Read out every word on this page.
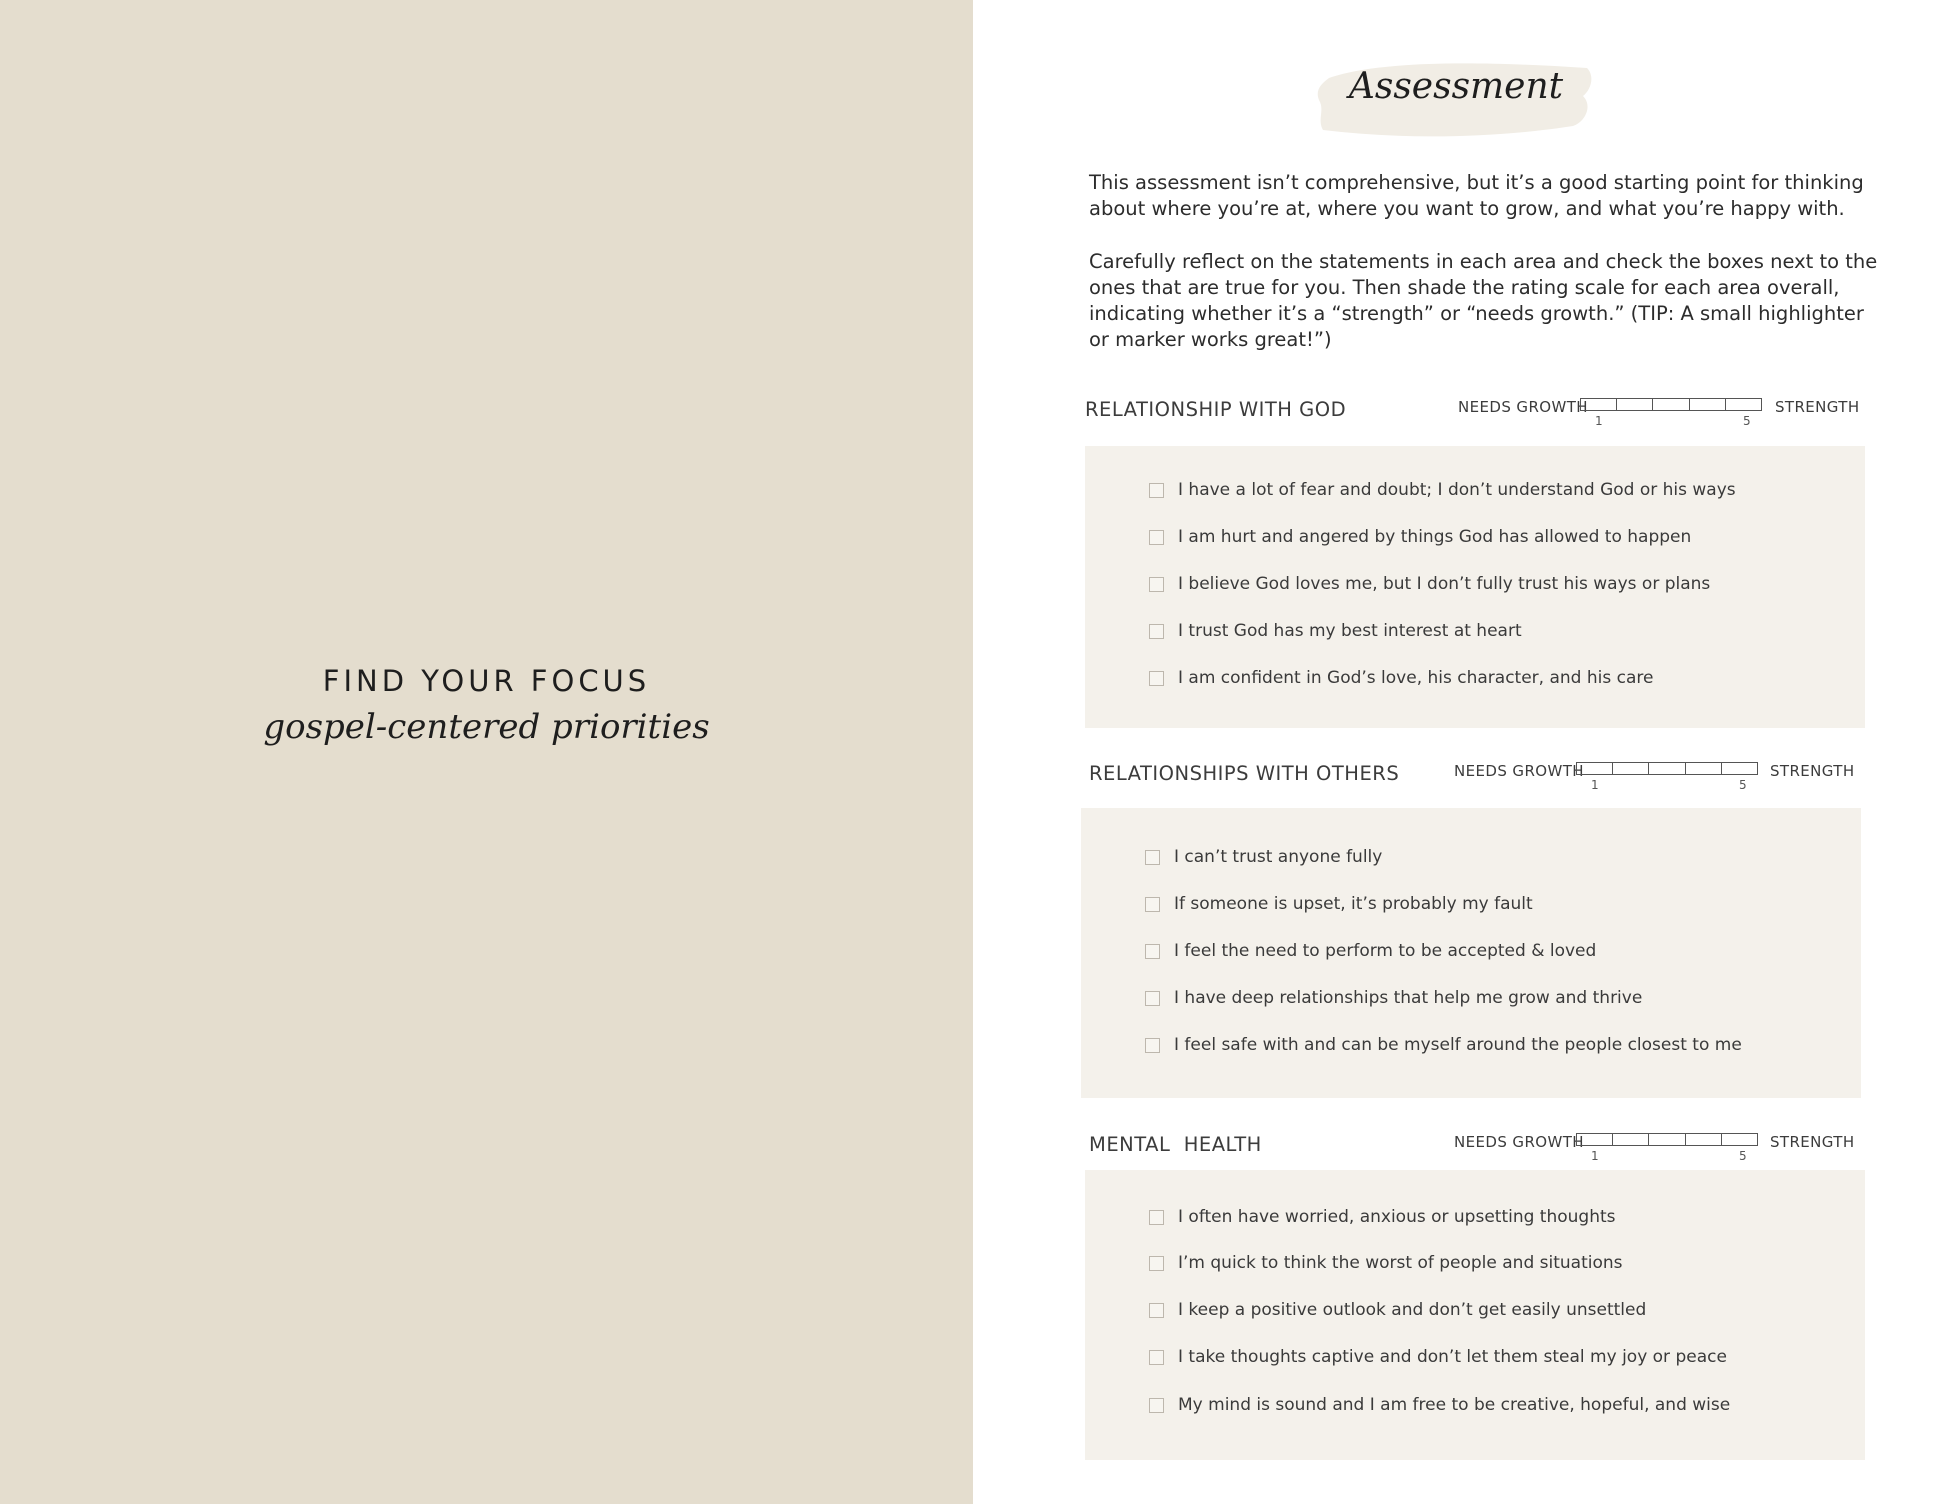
FIND YOUR FOCUS
gospel-centered priorities
Assessment

This assessment isn’t comprehensive, but it’s a good starting point for thinking about where you’re at, where you want to grow, and what you’re happy with.

Carefully reflect on the statements in each area and check the boxes next to the ones that are true for you. Then shade the rating scale for each area overall, indicating whether it’s a “strength” or “needs growth.” (TIP: A small highlighter or marker works great!”)

RELATIONSHIP WITH GOD	NEEDS GROWTH
1	5
STRENGTH
I have a lot of fear and doubt; I don’t understand God or his ways
I am hurt and angered by things God has allowed to happen
I believe God loves me, but I don’t fully trust his ways or plans
I trust God has my best interest at heart
I am confident in God’s love, his character, and his care
RELATIONSHIPS WITH OTHERS	NEEDS GROWTH
1	5
STRENGTH
I can’t trust anyone fully
If someone is upset, it’s probably my fault
I feel the need to perform to be accepted & loved
I have deep relationships that help me grow and thrive
I feel safe with and can be myself around the people closest to me
MENTAL  HEALTH	NEEDS GROWTH
1	5
STRENGTH
I often have worried, anxious or upsetting thoughts
I’m quick to think the worst of people and situations
I keep a positive outlook and don’t get easily unsettled
I take thoughts captive and don’t let them steal my joy or peace
My mind is sound and I am free to be creative, hopeful, and wise
